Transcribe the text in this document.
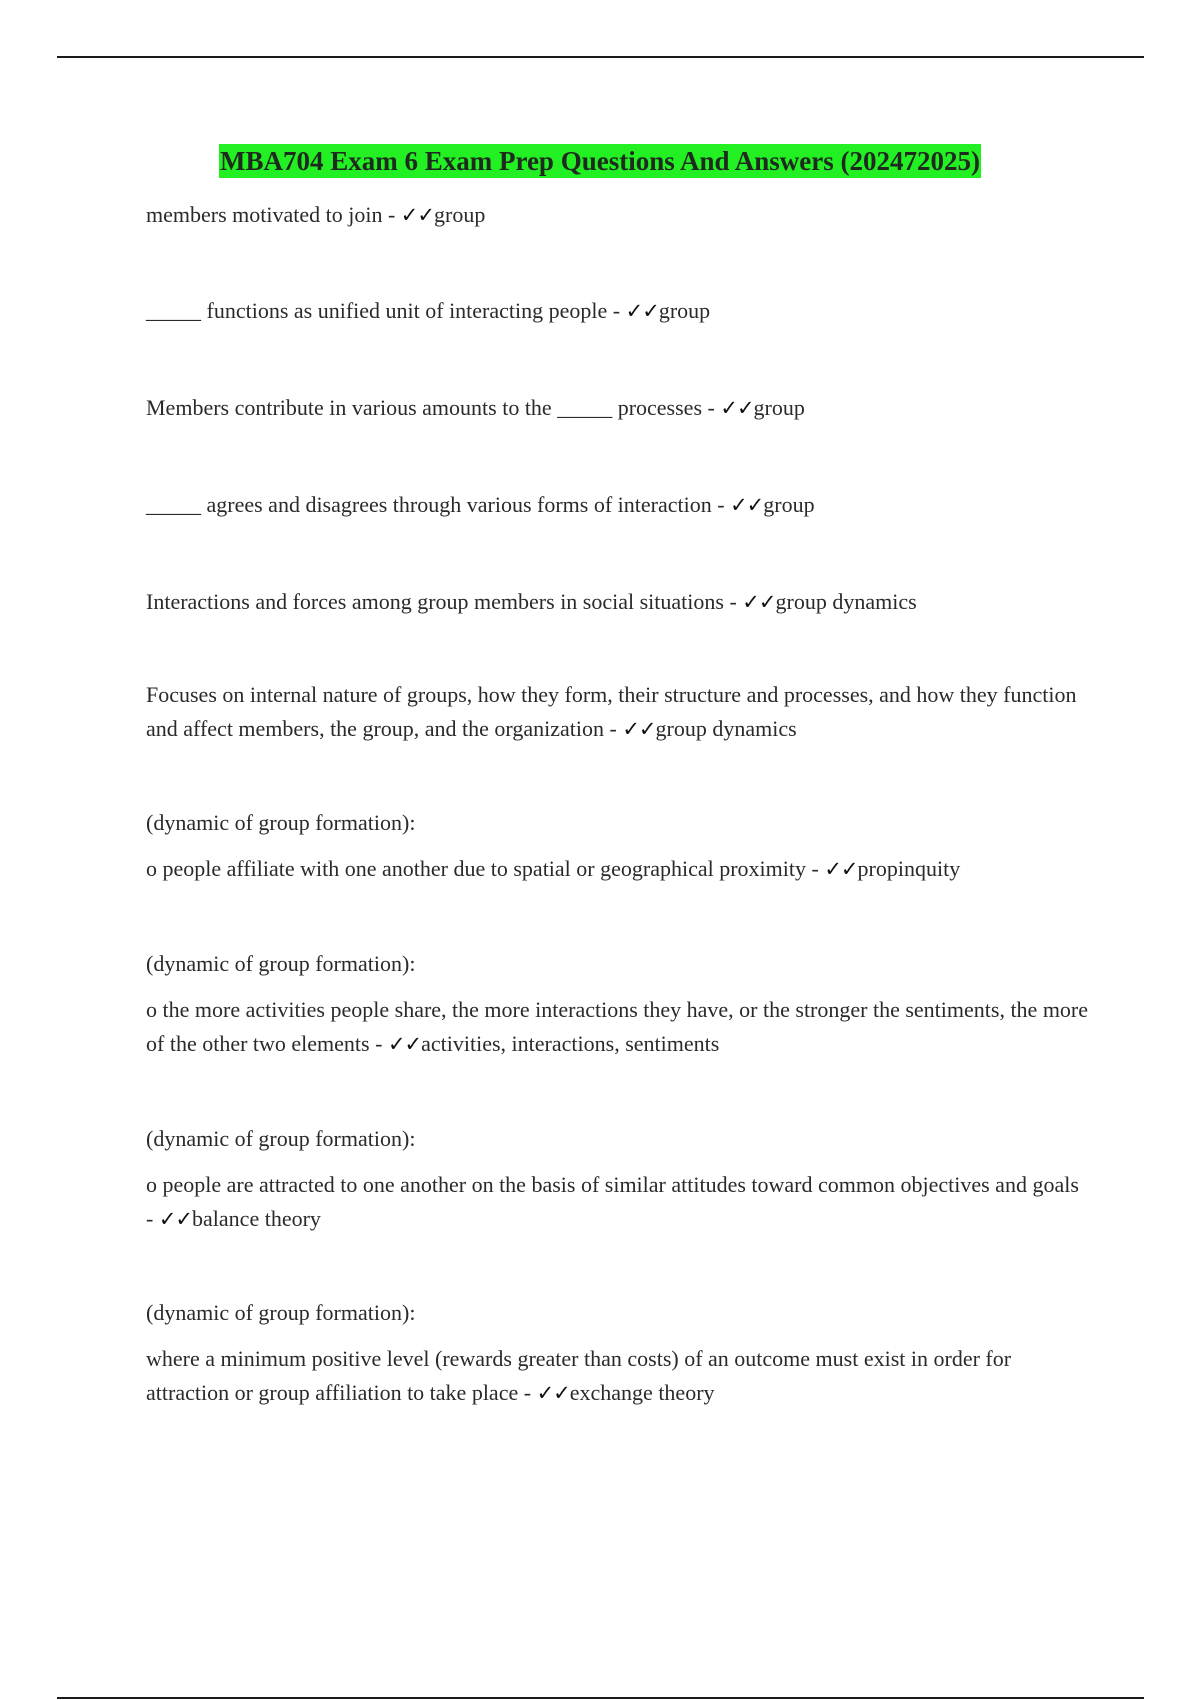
MBA704 Exam 6 Exam Prep Questions And Answers (202472025)

members motivated to join - ✓✓group

_____ functions as unified unit of interacting people - ✓✓group

Members contribute in various amounts to the _____ processes - ✓✓group

_____ agrees and disagrees through various forms of interaction - ✓✓group

Interactions and forces among group members in social situations - ✓✓group dynamics

Focuses on internal nature of groups, how they form, their structure and processes, and how they function and affect members, the group, and the organization - ✓✓group dynamics

(dynamic of group formation):

o people affiliate with one another due to spatial or geographical proximity - ✓✓propinquity

(dynamic of group formation):

o the more activities people share, the more interactions they have, or the stronger the sentiments, the more of the other two elements - ✓✓activities, interactions, sentiments

(dynamic of group formation):

o people are attracted to one another on the basis of similar attitudes toward common objectives and goals - ✓✓balance theory

(dynamic of group formation):

where a minimum positive level (rewards greater than costs) of an outcome must exist in order for attraction or group affiliation to take place - ✓✓exchange theory
